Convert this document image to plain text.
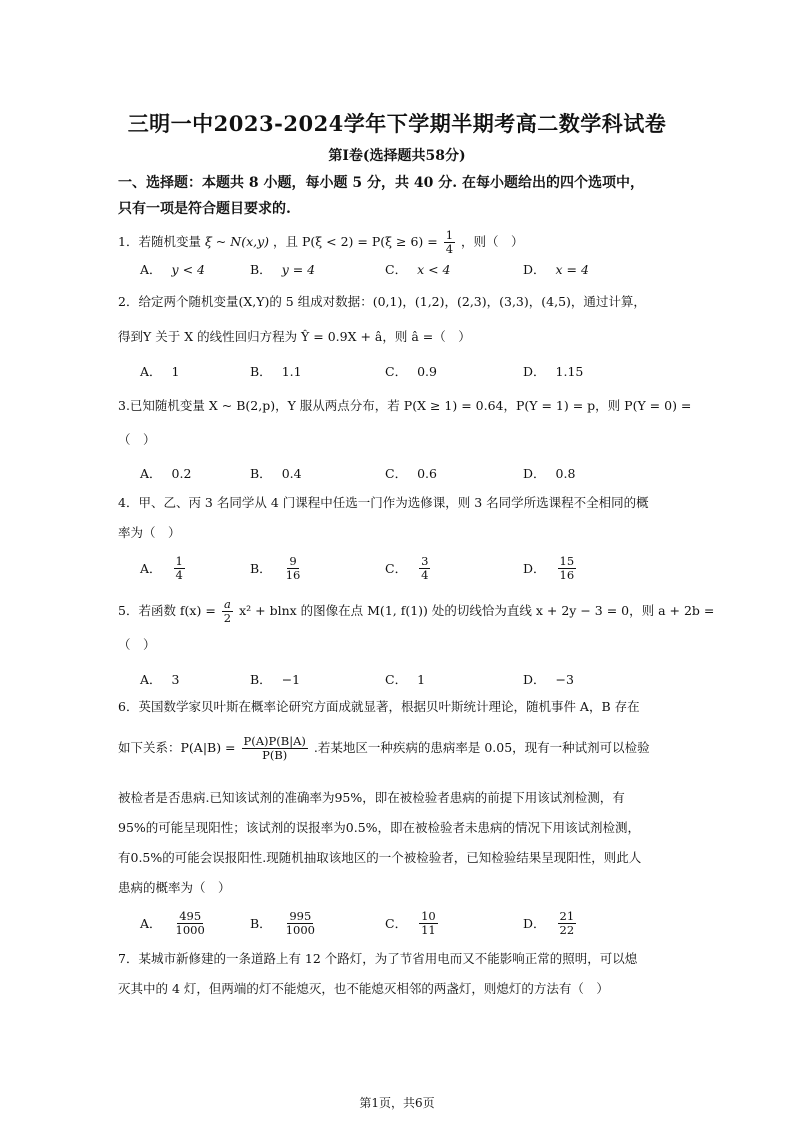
三明一中2023-2024学年下学期半期考高二数学科试卷
第Ⅰ卷(选择题共58分)
一、选择题：本题共 8 小题，每小题 5 分，共 40 分. 在每小题给出的四个选项中，
只有一项是符合题目要求的.
1．若随机变量 ξ ~ N(x,y) ，且 $P(\xi < 2) = P(\xi \ge 6) = \frac{1}{4}$ ，则（　）
A． y < 4	B． y = 4	C． x < 4	D． x = 4
2．给定两个随机变量(X,Y)的 5 组成对数据：(0,1)，(1,2)，(2,3)，(3,3)，(4,5)，通过计算，
得到Y 关于 X 的线性回归方程为 Ŷ = 0.9X + â，则 â =（　）
A． 1	B． 1.1	C． 0.9	D． 1.15
3.已知随机变量 X ~ B(2,p)，Y 服从两点分布，若 P(X ≥ 1) = 0.64，P(Y = 1) = p，则 P(Y = 0) =
（　）
A． 0.2	B． 0.4	C． 0.6	D． 0.8
4．甲、乙、丙 3 名同学从 4 门课程中任选一门作为选修课，则 3 名同学所选课程不全相同的概
率为（　）
A． $\frac{1}{4}$	B． $\frac{9}{16}$	C． $\frac{3}{4}$	D． $\frac{15}{16}$
5．若函数 $f(x) = \frac{a}{2} x^2 + blnx$ 的图像在点 M(1, f(1)) 处的切线恰为直线 x + 2y − 3 = 0，则 a + 2b =
（　）
A． 3	B． −1	C． 1	D． −3
6．英国数学家贝叶斯在概率论研究方面成就显著，根据贝叶斯统计理论，随机事件 A，B 存在
如下关系：$P(A|B) = \frac{P(A)P(B|A)}{P(B)}$ .若某地区一种疾病的患病率是 0.05，现有一种试剂可以检验
被检者是否患病.已知该试剂的准确率为95%，即在被检验者患病的前提下用该试剂检测，有
95%的可能呈现阳性；该试剂的误报率为0.5%，即在被检验者未患病的情况下用该试剂检测，
有0.5%的可能会误报阳性.现随机抽取该地区的一个被检验者，已知检验结果呈现阳性，则此人
患病的概率为（　）
A． $\frac{495}{1000}$	B． $\frac{995}{1000}$	C． $\frac{10}{11}$	D． $\frac{21}{22}$
7．某城市新修建的一条道路上有 12 个路灯，为了节省用电而又不能影响正常的照明，可以熄
灭其中的 4 灯，但两端的灯不能熄灭，也不能熄灭相邻的两盏灯，则熄灯的方法有（　）
第1页，共6页
